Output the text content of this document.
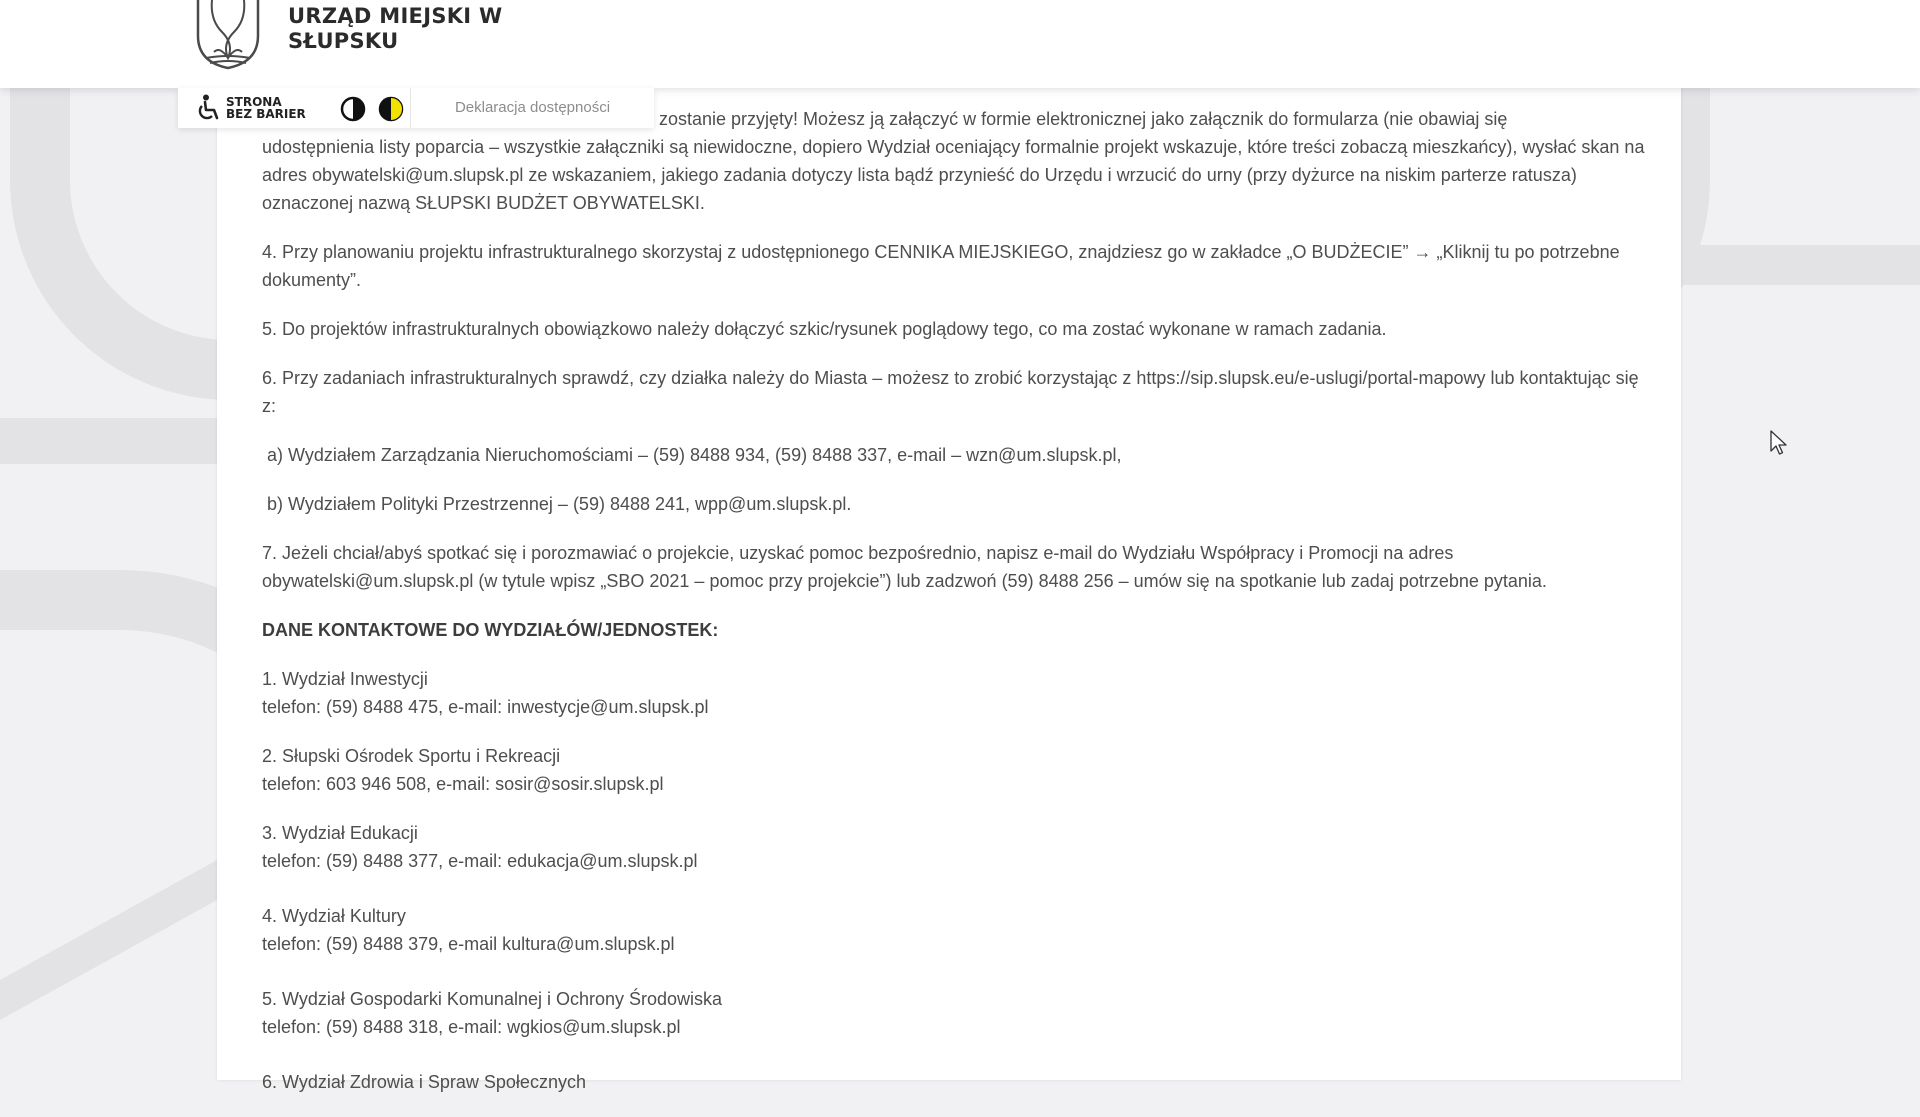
URZĄD MIEJSKI W
SŁUPSKU
STRONA
BEZ BARIER	Deklaracja dostępności

zostanie przyjęty! Możesz ją załączyć w formie elektronicznej jako załącznik do formularza (nie obawiaj się
udostępnienia listy poparcia – wszystkie załączniki są niewidoczne, dopiero Wydział oceniający formalnie projekt wskazuje, które treści zobaczą mieszkańcy), wysłać skan na adres obywatelski@um.slupsk.pl ze wskazaniem, jakiego zadania dotyczy lista bądź przynieść do Urzędu i wrzucić do urny (przy dyżurce na niskim parterze ratusza) oznaczonej nazwą SŁUPSKI BUDŻET OBYWATELSKI.

4. Przy planowaniu projektu infrastrukturalnego skorzystaj z udostępnionego CENNIKA MIEJSKIEGO, znajdziesz go w zakładce „O BUDŻECIE” → „Kliknij tu po potrzebne dokumenty”.

5. Do projektów infrastrukturalnych obowiązkowo należy dołączyć szkic/rysunek poglądowy tego, co ma zostać wykonane w ramach zadania.

6. Przy zadaniach infrastrukturalnych sprawdź, czy działka należy do Miasta – możesz to zrobić korzystając z https://sip.slupsk.eu/e-uslugi/portal-mapowy lub kontaktując się z:

a) Wydziałem Zarządzania Nieruchomościami – (59) 8488 934, (59) 8488 337, e-mail – wzn@um.slupsk.pl,

b) Wydziałem Polityki Przestrzennej – (59) 8488 241, wpp@um.slupsk.pl.

7. Jeżeli chciał/abyś spotkać się i porozmawiać o projekcie, uzyskać pomoc bezpośrednio, napisz e-mail do Wydziału Współpracy i Promocji na adres obywatelski@um.slupsk.pl (w tytule wpisz „SBO 2021 – pomoc przy projekcie”) lub zadzwoń (59) 8488 256 – umów się na spotkanie lub zadaj potrzebne pytania.

DANE KONTAKTOWE DO WYDZIAŁÓW/JEDNOSTEK:

1. Wydział Inwestycji
telefon: (59) 8488 475, e-mail: inwestycje@um.slupsk.pl

2. Słupski Ośrodek Sportu i Rekreacji
telefon: 603 946 508, e-mail: sosir@sosir.slupsk.pl

3. Wydział Edukacji
telefon: (59) 8488 377, e-mail: edukacja@um.slupsk.pl

4. Wydział Kultury
telefon: (59) 8488 379, e-mail kultura@um.slupsk.pl

5. Wydział Gospodarki Komunalnej i Ochrony Środowiska
telefon: (59) 8488 318, e-mail: wgkios@um.slupsk.pl

6. Wydział Zdrowia i Spraw Społecznych
